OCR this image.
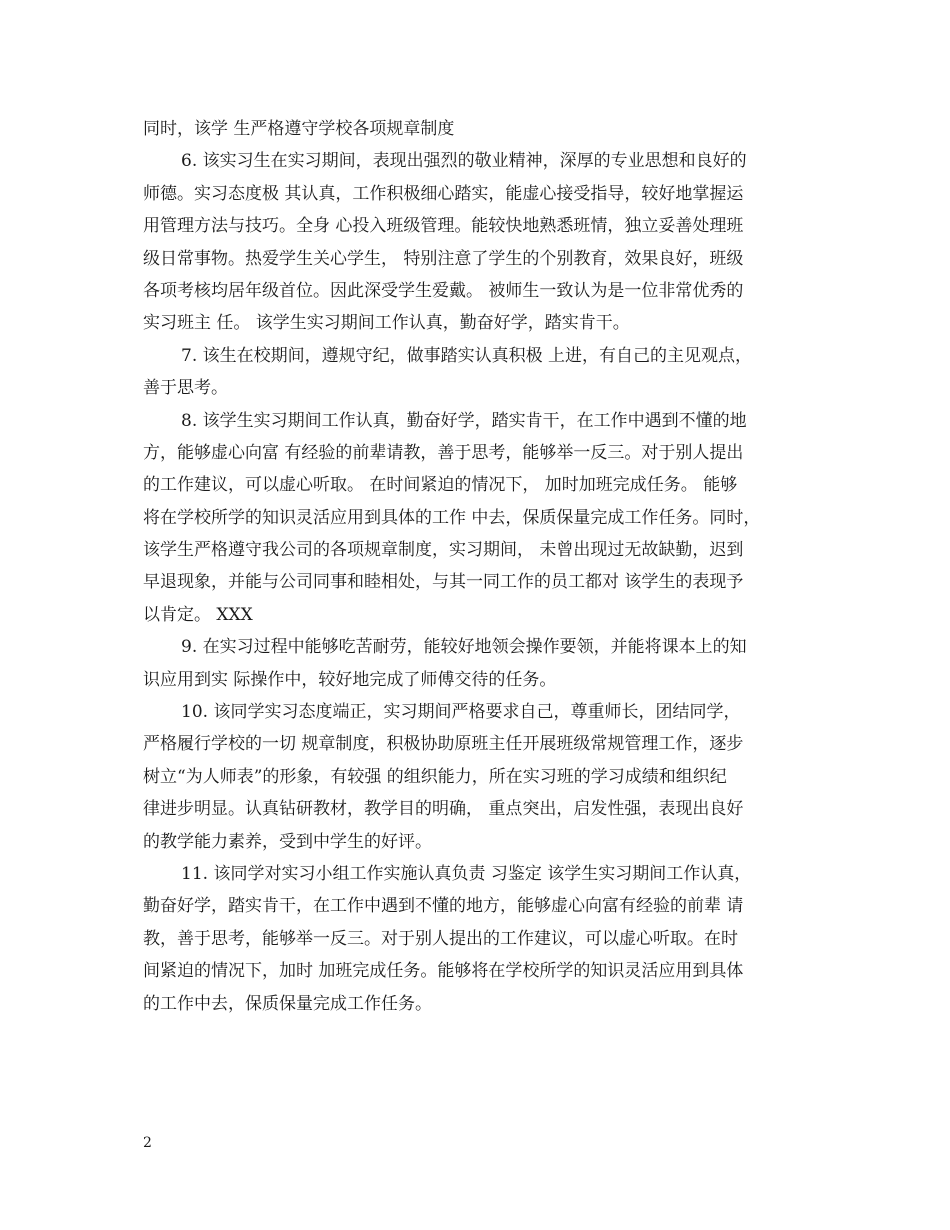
同时，该学 生严格遵守学校各项规章制度
6. 该实习生在实习期间，表现出强烈的敬业精神，深厚的专业思想和良好的
师德。实习态度极 其认真，工作积极细心踏实，能虚心接受指导，较好地掌握运
用管理方法与技巧。全身 心投入班级管理。能较快地熟悉班情，独立妥善处理班
级日常事物。热爱学生关心学生， 特别注意了学生的个别教育，效果良好，班级
各项考核均居年级首位。因此深受学生爱戴。 被师生一致认为是一位非常优秀的
实习班主 任。 该学生实习期间工作认真，勤奋好学，踏实肯干。
7. 该生在校期间，遵规守纪，做事踏实认真积极 上进，有自己的主见观点，
善于思考。
8. 该学生实习期间工作认真，勤奋好学，踏实肯干，在工作中遇到不懂的地
方，能够虚心向富 有经验的前辈请教，善于思考，能够举一反三。对于别人提出
的工作建议，可以虚心听取。 在时间紧迫的情况下， 加时加班完成任务。 能够
将在学校所学的知识灵活应用到具体的工作 中去，保质保量完成工作任务。同时，
该学生严格遵守我公司的各项规章制度，实习期间， 未曾出现过无故缺勤，迟到
早退现象，并能与公司同事和睦相处，与其一同工作的员工都对 该学生的表现予
以肯定。 XXX
9. 在实习过程中能够吃苦耐劳，能较好地领会操作要领，并能将课本上的知
识应用到实 际操作中，较好地完成了师傅交待的任务。
10. 该同学实习态度端正，实习期间严格要求自己，尊重师长，团结同学，
严格履行学校的一切 规章制度，积极协助原班主任开展班级常规管理工作，逐步
树立“为人师表”的形象，有较强 的组织能力，所在实习班的学习成绩和组织纪
律进步明显。认真钻研教材，教学目的明确， 重点突出，启发性强，表现出良好
的教学能力素养，受到中学生的好评。
11. 该同学对实习小组工作实施认真负责 习鉴定 该学生实习期间工作认真，
勤奋好学，踏实肯干，在工作中遇到不懂的地方，能够虚心向富有经验的前辈 请
教，善于思考，能够举一反三。对于别人提出的工作建议，可以虚心听取。在时
间紧迫的情况下，加时 加班完成任务。能够将在学校所学的知识灵活应用到具体
的工作中去，保质保量完成工作任务。
2
